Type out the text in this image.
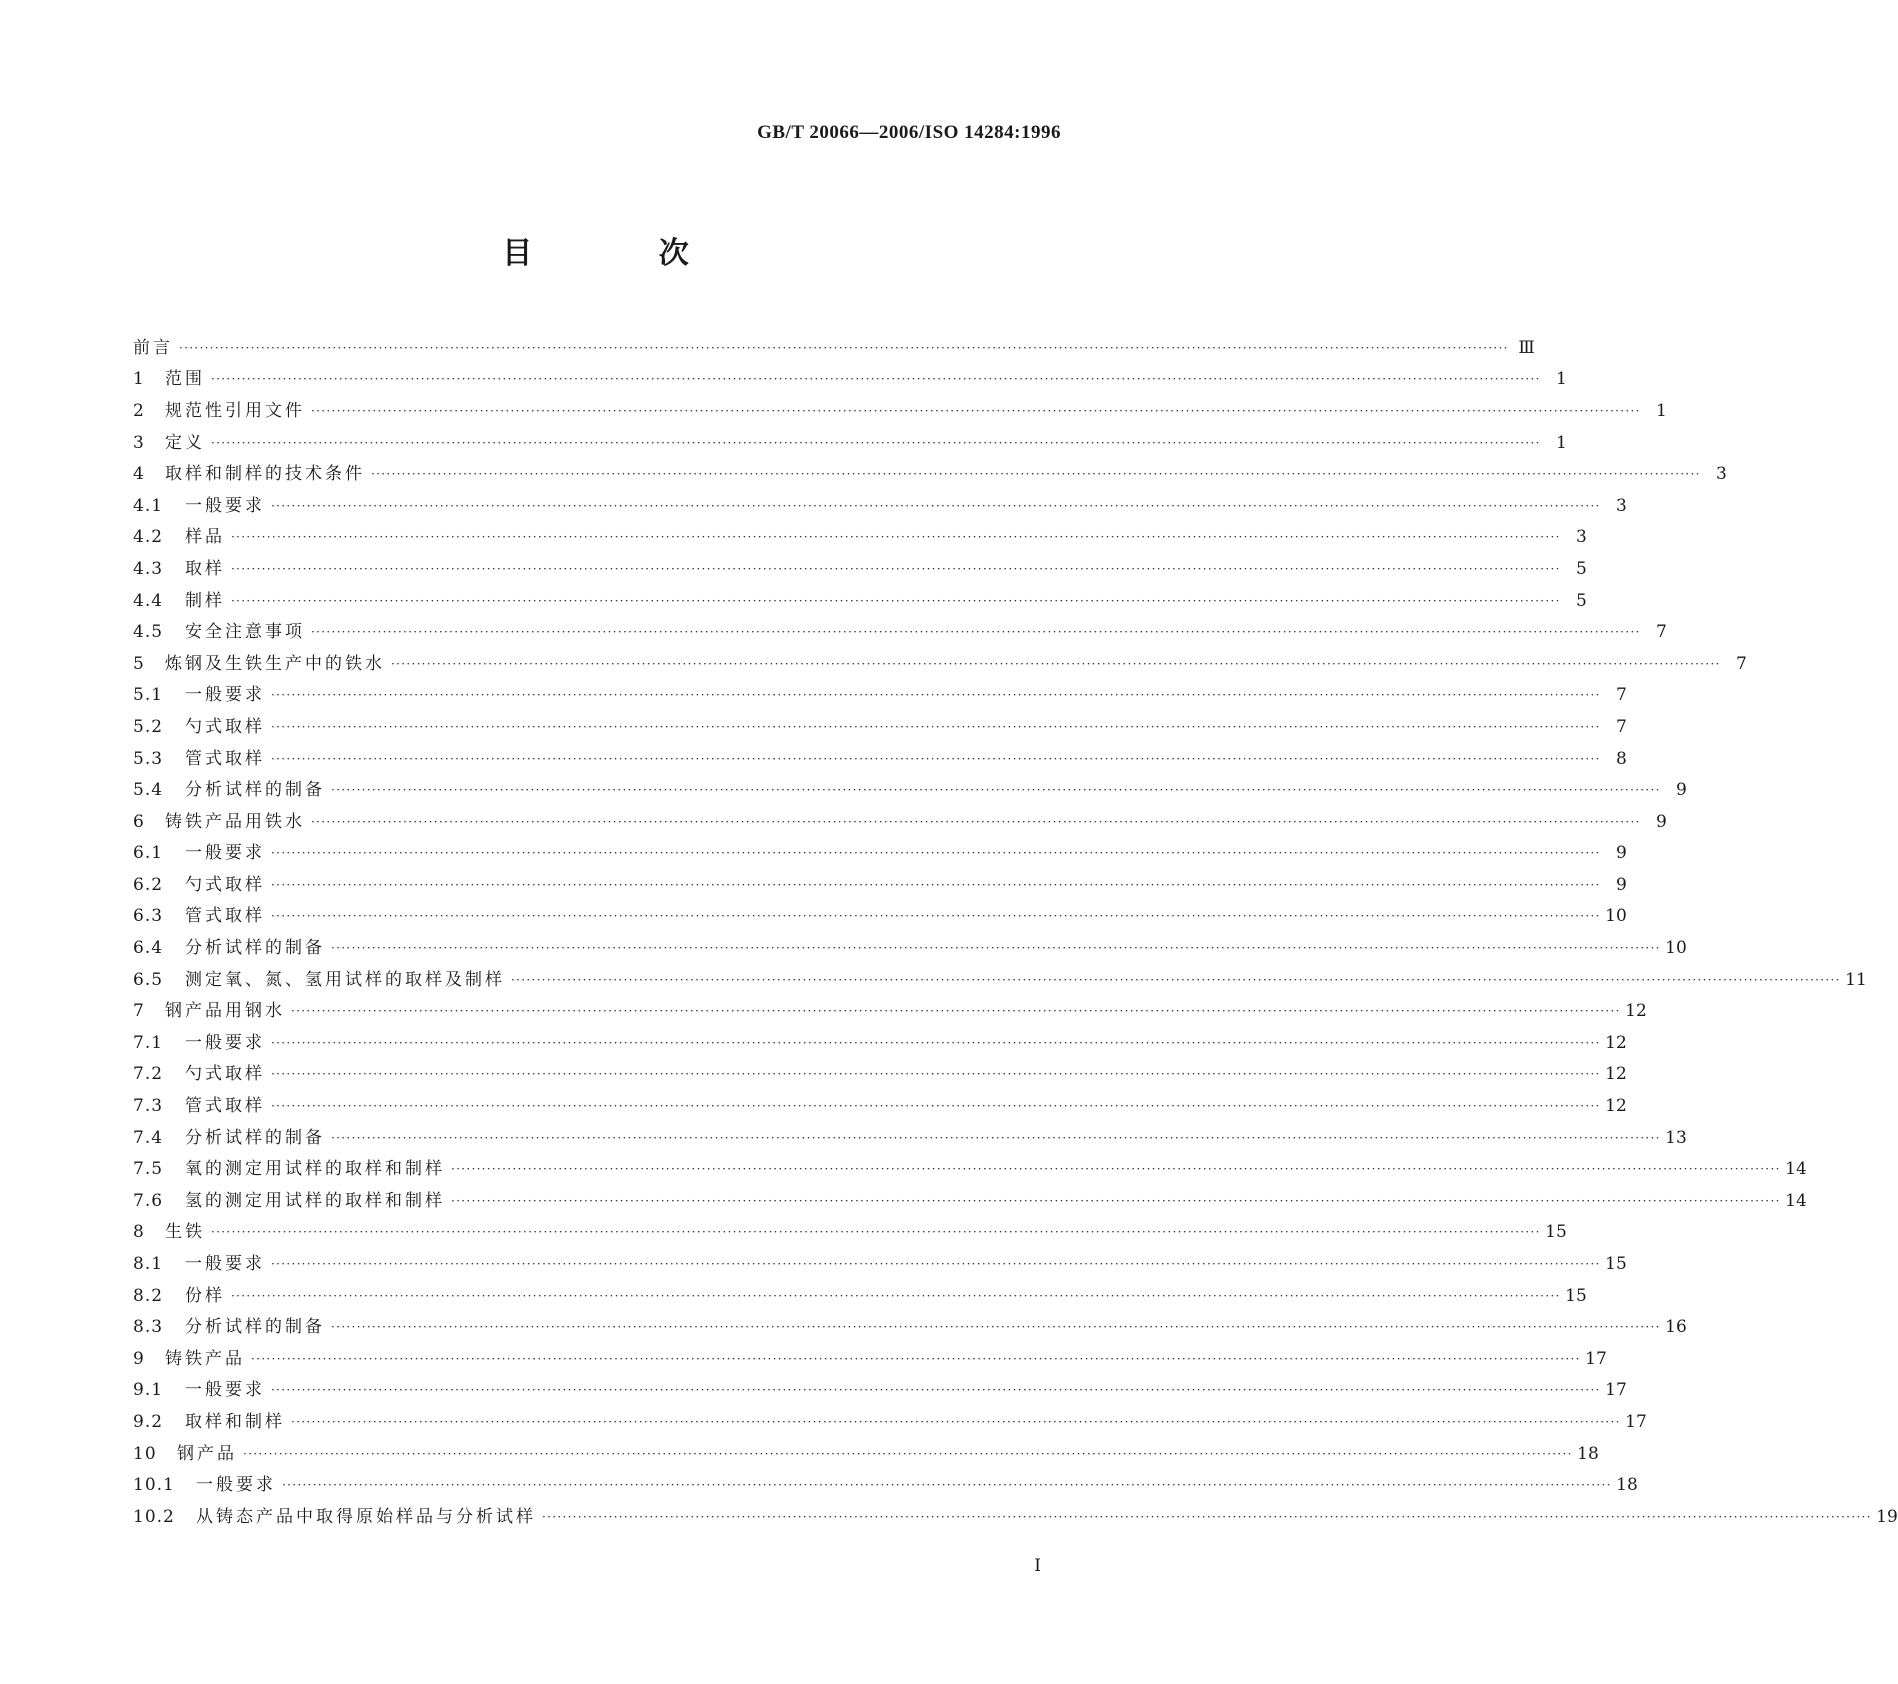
GB/T 20066—2006/ISO 14284:1996
目 次
前言 ···································································································································································································································································· Ⅲ
1	范围 ···································································································································································································································································· 1
2	规范性引用文件 ···································································································································································································································································· 1
3	定义 ···································································································································································································································································· 1
4	取样和制样的技术条件 ···································································································································································································································································· 3
4.1	一般要求 ···································································································································································································································································· 3
4.2	样品 ···································································································································································································································································· 3
4.3	取样 ···································································································································································································································································· 5
4.4	制样 ···································································································································································································································································· 5
4.5	安全注意事项 ···································································································································································································································································· 7
5	炼钢及生铁生产中的铁水 ···································································································································································································································································· 7
5.1	一般要求 ···································································································································································································································································· 7
5.2	勺式取样 ···································································································································································································································································· 7
5.3	管式取样 ···································································································································································································································································· 8
5.4	分析试样的制备 ···································································································································································································································································· 9
6	铸铁产品用铁水 ···································································································································································································································································· 9
6.1	一般要求 ···································································································································································································································································· 9
6.2	勺式取样 ···································································································································································································································································· 9
6.3	管式取样 ···································································································································································································································································· 10
6.4	分析试样的制备 ···································································································································································································································································· 10
6.5	测定氧、氮、氢用试样的取样及制样 ···································································································································································································································································· 11
7	钢产品用钢水 ···································································································································································································································································· 12
7.1	一般要求 ···································································································································································································································································· 12
7.2	勺式取样 ···································································································································································································································································· 12
7.3	管式取样 ···································································································································································································································································· 12
7.4	分析试样的制备 ···································································································································································································································································· 13
7.5	氧的测定用试样的取样和制样 ···································································································································································································································································· 14
7.6	氢的测定用试样的取样和制样 ···································································································································································································································································· 14
8	生铁 ···································································································································································································································································· 15
8.1	一般要求 ···································································································································································································································································· 15
8.2	份样 ···································································································································································································································································· 15
8.3	分析试样的制备 ···································································································································································································································································· 16
9	铸铁产品 ···································································································································································································································································· 17
9.1	一般要求 ···································································································································································································································································· 17
9.2	取样和制样 ···································································································································································································································································· 17
10	钢产品 ···································································································································································································································································· 18
10.1	一般要求 ···································································································································································································································································· 18
10.2	从铸态产品中取得原始样品与分析试样 ···································································································································································································································································· 19
I
